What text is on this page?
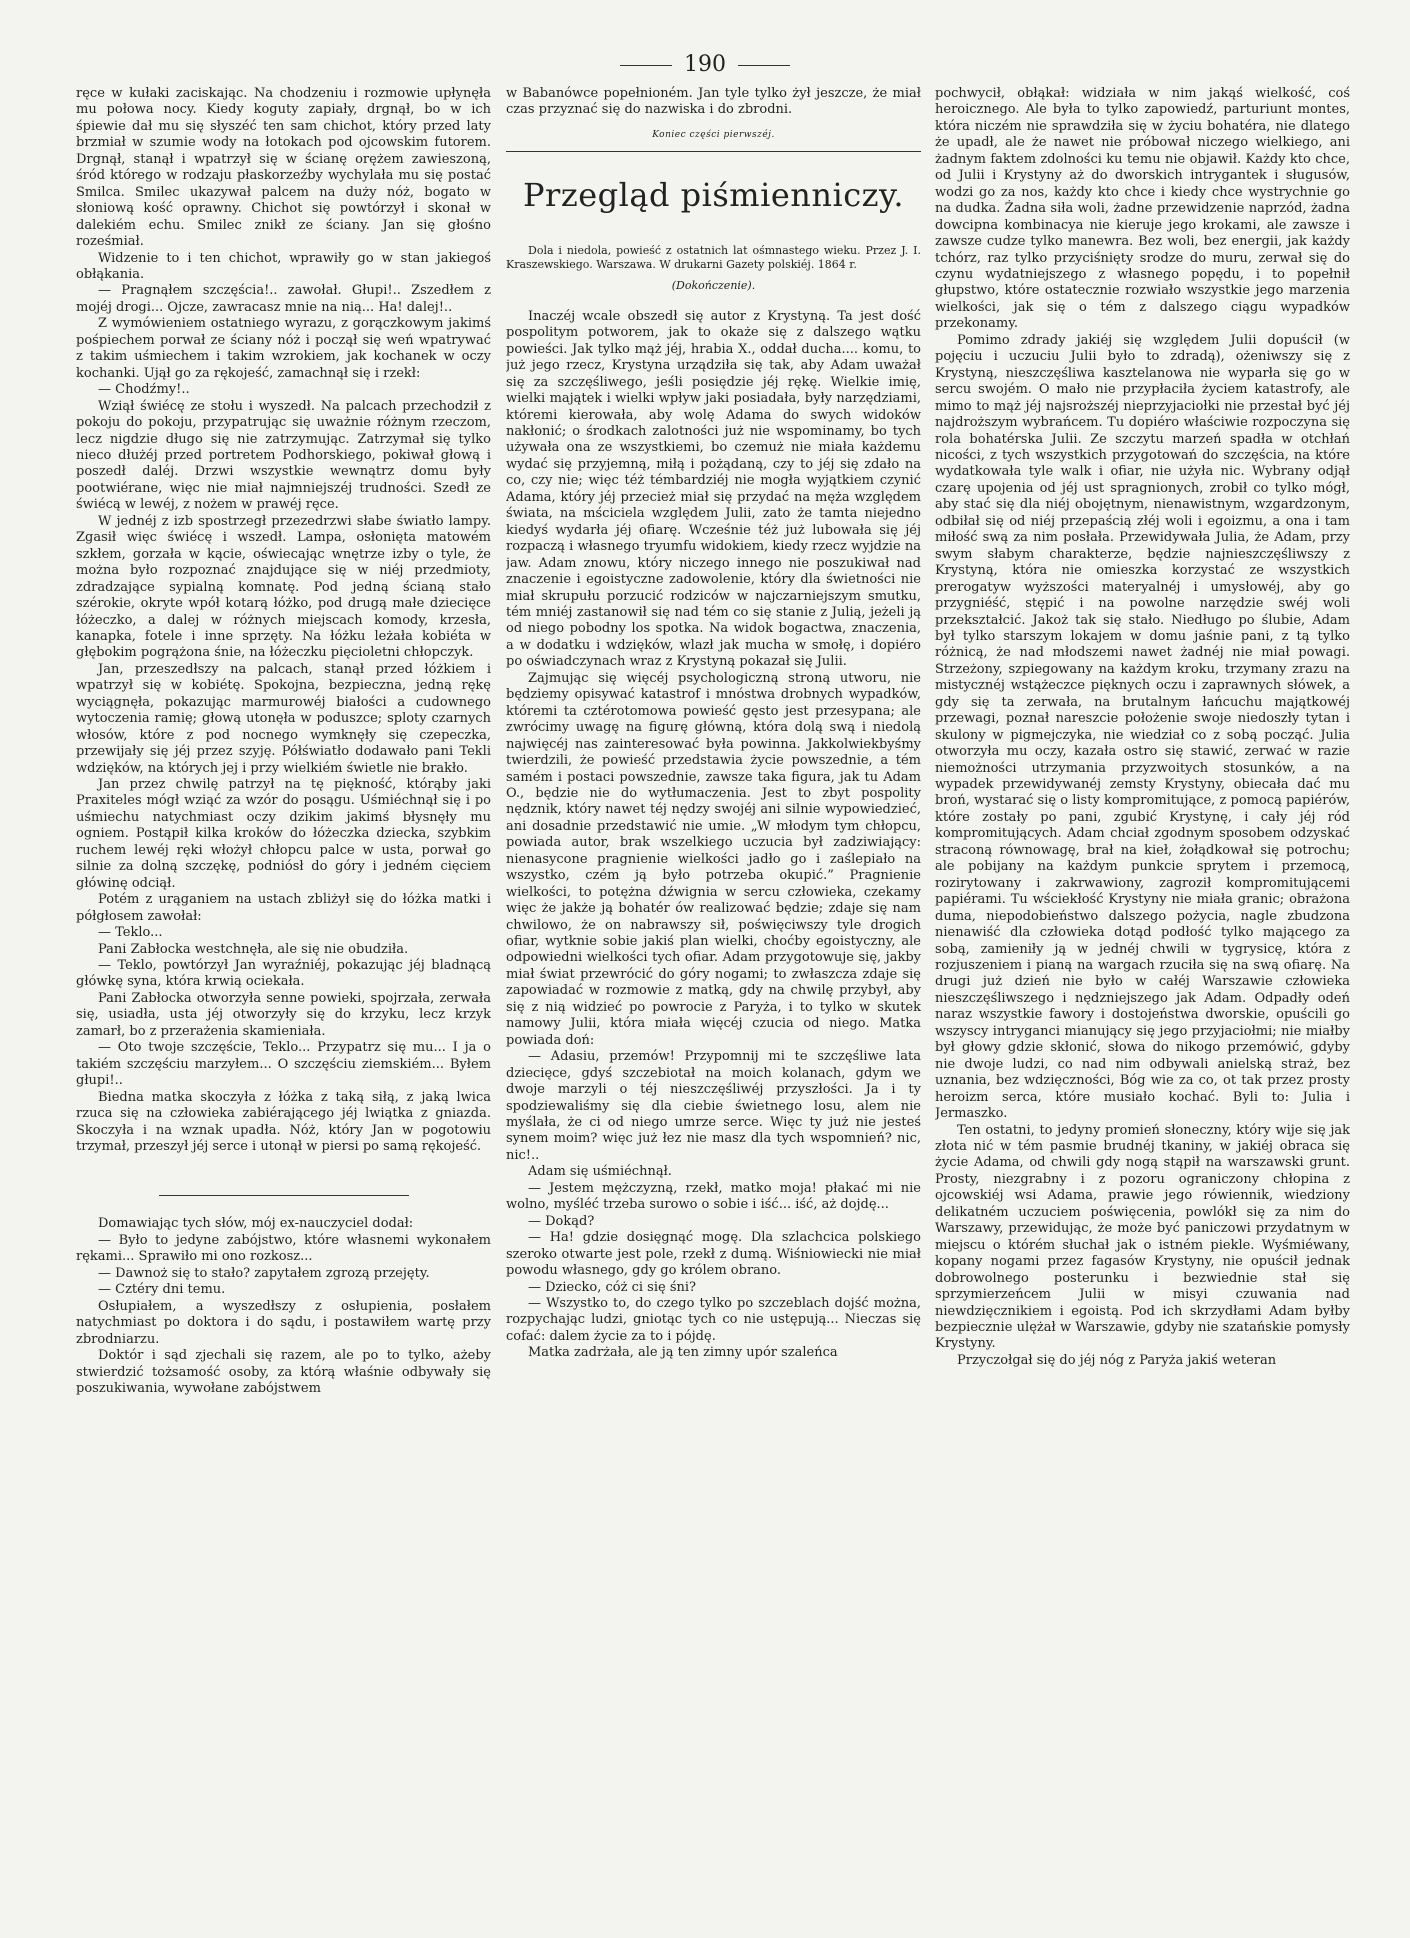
190

ręce w kułaki zaciskając. Na chodzeniu i rozmowie upłynęła mu połowa nocy. Kiedy koguty zapiały, drgnął, bo w ich śpiewie dał mu się słyszéć ten sam chichot, który przed laty brzmiał w szumie wody na łotokach pod ojcowskim futorem. Drgnął, stanął i wpatrzył się w ścianę orężem zawieszoną, śród którego w rodzaju płaskorzeźby wychylała mu się postać Smilca. Smilec ukazywał palcem na duży nóż, bogato w słoniową kość oprawny. Chichot się powtórzył i skonał w dalekiém echu. Smilec znikł ze ściany. Jan się głośno roześmiał.

Widzenie to i ten chichot, wprawiły go w stan jakiegoś obłąkania.

— Pragnąłem szczęścia!.. zawołał. Głupi!.. Zszedłem z mojéj drogi... Ojcze, zawracasz mnie na nią... Ha! dalej!..

Z wymówieniem ostatniego wyrazu, z gorączkowym jakimś pośpiechem porwał ze ściany nóż i począł się weń wpatrywać z takim uśmiechem i takim wzrokiem, jak kochanek w oczy kochanki. Ujął go za rękojeść, zamachnął się i rzekł:

— Chodźmy!..

Wziął świécę ze stołu i wyszedł. Na palcach przechodził z pokoju do pokoju, przypatrując się uważnie różnym rzeczom, lecz nigdzie długo się nie zatrzymując. Zatrzymał się tylko nieco dłużéj przed portretem Podhorskiego, pokiwał głową i poszedł daléj. Drzwi wszystkie wewnątrz domu były pootwiérane, więc nie miał najmniejszéj trudności. Szedł ze świécą w lewéj, z nożem w prawéj ręce.

W jednéj z izb spostrzegł przezedrzwi słabe światło lampy. Zgasił więc świécę i wszedł. Lampa, osłonięta matowém szkłem, gorzała w kącie, oświecając wnętrze izby o tyle, że można było rozpoznać znajdujące się w niéj przedmioty, zdradzające sypialną komnatę. Pod jedną ścianą stało szérokie, okryte wpół kotarą łóżko, pod drugą małe dziecięce łóżeczko, a dalej w różnych miejscach komody, krzesła, kanapka, fotele i inne sprzęty. Na łóżku leżała kobiéta w głębokim pogrążona śnie, na łóżeczku pięcioletni chłopczyk.

Jan, przeszedłszy na palcach, stanął przed łóżkiem i wpatrzył się w kobiétę. Spokojna, bezpieczna, jedną rękę wyciągnęła, pokazując marmurowéj białości a cudownego wytoczenia ramię; głową utonęła w poduszce; sploty czarnych włosów, które z pod nocnego wymknęły się czepeczka, przewijały się jéj przez szyję. Półświatło dodawało pani Tekli wdzięków, na których jej i przy wielkiém świetle nie brakło.

Jan przez chwilę patrzył na tę piękność, którąby jaki Praxiteles mógł wziąć za wzór do posągu. Uśmiéchnął się i po uśmiechu natychmiast oczy dzikim jakimś błysnęły mu ogniem. Postąpił kilka kroków do łóżeczka dziecka, szybkim ruchem lewéj ręki włożył chłopcu palce w usta, porwał go silnie za dolną szczękę, podniósł do góry i jedném cięciem główinę odciął.

Potém z urąganiem na ustach zbliżył się do łóżka matki i półgłosem zawołał:

— Teklo...

Pani Zabłocka westchnęła, ale się nie obudziła.

— Teklo, powtórzył Jan wyraźniéj, pokazując jéj bladnącą główkę syna, która krwią ociekała.

Pani Zabłocka otworzyła senne powieki, spojrzała, zerwała się, usiadła, usta jéj otworzyły się do krzyku, lecz krzyk zamarł, bo z przerażenia skamieniała.

— Oto twoje szczęście, Teklo... Przypatrz się mu... I ja o takiém szczęściu marzyłem... O szczęściu ziemskiém... Byłem głupi!..

Biedna matka skoczyła z łóżka z taką siłą, z jaką lwica rzuca się na człowieka zabiérającego jéj lwiątka z gniazda. Skoczyła i na wznak upadła. Nóż, który Jan w pogotowiu trzymał, przeszył jéj serce i utonął w piersi po samą rękojeść.

Domawiając tych słów, mój ex-nauczyciel dodał:

— Było to jedyne zabójstwo, które własnemi wykonałem rękami... Sprawiło mi ono rozkosz...

— Dawnoż się to stało? zapytałem zgrozą przejęty.

— Cztéry dni temu.

Osłupiałem, a wyszedłszy z osłupienia, posłałem natychmiast po doktora i do sądu, i postawiłem wartę przy zbrodniarzu.

Doktór i sąd zjechali się razem, ale po to tylko, ażeby stwierdzić tożsamość osoby, za którą właśnie odbywały się poszukiwania, wywołane zabójstwem

w Babanówce popełnioném. Jan tyle tylko żył jeszcze, że miał czas przyznać się do nazwiska i do zbrodni.

Koniec części pierwszéj.
Przegląd piśmienniczy.

Dola i niedola, powieść z ostatnich lat ośmnastego wieku. Przez J. I. Kraszewskiego. Warszawa. W drukarni Gazety polskiéj. 1864 r.

(Dokończenie).

Inaczéj wcale obszedł się autor z Krystyną. Ta jest dość pospolitym potworem, jak to okaże się z dalszego wątku powieści. Jak tylko mąż jéj, hrabia X., oddał ducha.... komu, to już jego rzecz, Krystyna urządziła się tak, aby Adam uważał się za szczęśliwego, jeśli posiędzie jéj rękę. Wielkie imię, wielki majątek i wielki wpływ jaki posiadała, były narzędziami, któremi kierowała, aby wolę Adama do swych widoków nakłonić; o środkach zalotności już nie wspominamy, bo tych używała ona ze wszystkiemi, bo czemuż nie miała każdemu wydać się przyjemną, miłą i pożądaną, czy to jéj się zdało na co, czy nie; więc téż témbardziéj nie mogła wyjątkiem czynić Adama, który jéj przecież miał się przydać na męża względem świata, na mściciela względem Julii, zato że tamta niejedno kiedyś wydarła jéj ofiarę. Wcześnie téż już lubowała się jéj rozpaczą i własnego tryumfu widokiem, kiedy rzecz wyjdzie na jaw. Adam znowu, który niczego innego nie poszukiwał nad znaczenie i egoistyczne zadowolenie, który dla świetności nie miał skrupułu porzucić rodziców w najczarniejszym smutku, tém mniéj zastanowił się nad tém co się stanie z Julią, jeżeli ją od niego pobodny los spotka. Na widok bogactwa, znaczenia, a w dodatku i wdzięków, wlazł jak mucha w smołę, i dopiéro po oświadczynach wraz z Krystyną pokazał się Julii.

Zajmując się więcéj psychologiczną stroną utworu, nie będziemy opisywać katastrof i mnóstwa drobnych wypadków, któremi ta cztérotomowa powieść gęsto jest przesypana; ale zwrócimy uwagę na figurę główną, która dolą swą i niedolą najwięcéj nas zainteresować była powinna. Jakkolwiekbyśmy twierdzili, że powieść przedstawia życie powszednie, a tém samém i postaci powszednie, zawsze taka figura, jak tu Adam O., będzie nie do wytłumaczenia. Jest to zbyt pospolity nędznik, który nawet téj nędzy swojéj ani silnie wypowiedzieć, ani dosadnie przedstawić nie umie. „W młodym tym chłopcu, powiada autor, brak wszelkiego uczucia był zadziwiający: nienasycone pragnienie wielkości jadło go i zaślepiało na wszystko, czém ją było potrzeba okupić.” Pragnienie wielkości, to potężna dźwignia w sercu człowieka, czekamy więc że jakże ją bohatér ów realizować będzie; zdaje się nam chwilowo, że on nabrawszy sił, poświęciwszy tyle drogich ofiar, wytknie sobie jakiś plan wielki, choćby egoistyczny, ale odpowiedni wielkości tych ofiar. Adam przygotowuje się, jakby miał świat przewrócić do góry nogami; to zwłaszcza zdaje się zapowiadać w rozmowie z matką, gdy na chwilę przybył, aby się z nią widzieć po powrocie z Paryża, i to tylko w skutek namowy Julii, która miała więcéj czucia od niego. Matka powiada doń:

— Adasiu, przemów! Przypomnij mi te szczęśliwe lata dziecięce, gdyś szczebiotał na moich kolanach, gdym we dwoje marzyli o téj nieszczęśliwéj przyszłości. Ja i ty spodziewaliśmy się dla ciebie świetnego losu, alem nie myślała, że ci od niego umrze serce. Więc ty już nie jesteś synem moim? więc już łez nie masz dla tych wspomnień? nic, nic!..

Adam się uśmiéchnął.

— Jestem mężczyzną, rzekł, matko moja! płakać mi nie wolno, myśléć trzeba surowo o sobie i iść... iść, aż dojdę...

— Dokąd?

— Ha! gdzie dosięgnąć mogę. Dla szlachcica polskiego szeroko otwarte jest pole, rzekł z dumą. Wiśniowiecki nie miał powodu własnego, gdy go królem obrano.

— Dziecko, cóż ci się śni?

— Wszystko to, do czego tylko po szczeblach dojść można, rozpychając ludzi, gniotąc tych co nie ustępują... Nieczas się cofać: dalem życie za to i pójdę.

Matka zadrżała, ale ją ten zimny upór szaleńca

pochwycił, obłąkał: widziała w nim jakąś wielkość, coś heroicznego. Ale była to tylko zapowiedź, parturiunt montes, która niczém nie sprawdziła się w życiu bohatéra, nie dlatego że upadł, ale że nawet nie próbował niczego wielkiego, ani żadnym faktem zdolności ku temu nie objawił. Każdy kto chce, od Julii i Krystyny aż do dworskich intrygantek i sługusów, wodzi go za nos, każdy kto chce i kiedy chce wystrychnie go na dudka. Żadna siła woli, żadne przewidzenie naprzód, żadna dowcipna kombinacya nie kieruje jego krokami, ale zawsze i zawsze cudze tylko manewra. Bez woli, bez energii, jak każdy tchórz, raz tylko przyciśnięty srodze do muru, zerwał się do czynu wydatniejszego z własnego popędu, i to popełnił głupstwo, które ostatecznie rozwiało wszystkie jego marzenia wielkości, jak się o tém z dalszego ciągu wypadków przekonamy.

Pomimo zdrady jakiéj się względem Julii dopuścił (w pojęciu i uczuciu Julii było to zdradą), ożeniwszy się z Krystyną, nieszczęśliwa kasztelanowa nie wyparła się go w sercu swojém. O mało nie przypłaciła życiem katastrofy, ale mimo to mąż jéj najsroższéj nieprzyjaciołki nie przestał być jéj najdroższym wybrańcem. Tu dopiéro właściwie rozpoczyna się rola bohatérska Julii. Ze szczytu marzeń spadła w otchłań nicości, z tych wszystkich przygotowań do szczęścia, na które wydatkowała tyle walk i ofiar, nie użyła nic. Wybrany odjął czarę upojenia od jéj ust spragnionych, zrobił co tylko mógł, aby stać się dla niéj obojętnym, nienawistnym, wzgardzonym, odbiłał się od niéj przepaścią złéj woli i egoizmu, a ona i tam miłość swą za nim posłała. Przewidywała Julia, że Adam, przy swym słabym charakterze, będzie najnieszczęśliwszy z Krystyną, która nie omieszka korzystać ze wszystkich prerogatyw wyższości materyalnéj i umysłowéj, aby go przygniéść, stępić i na powolne narzędzie swéj woli przekształcić. Jakoż tak się stało. Niedługo po ślubie, Adam był tylko starszym lokajem w domu jaśnie pani, z tą tylko różnicą, że nad młodszemi nawet żadnéj nie miał powagi. Strzeżony, szpiegowany na każdym kroku, trzymany zrazu na mistycznéj wstążeczce pięknych oczu i zaprawnych słówek, a gdy się ta zerwała, na brutalnym łańcuchu majątkowéj przewagi, poznał nareszcie położenie swoje niedoszły tytan i skulony w pigmejczyka, nie wiedział co z sobą począć. Julia otworzyła mu oczy, kazała ostro się stawić, zerwać w razie niemożności utrzymania przyzwoitych stosunków, a na wypadek przewidywanéj zemsty Krystyny, obiecała dać mu broń, wystarać się o listy kompromitujące, z pomocą papiérów, które zostały po pani, zgubić Krystynę, i cały jéj ród kompromitujących. Adam chciał zgodnym sposobem odzyskać straconą równowagę, brał na kieł, żołądkował się potrochu; ale pobijany na każdym punkcie sprytem i przemocą, rozirytowany i zakrwawiony, zagroził kompromitującemi papiérami. Tu wściekłość Krystyny nie miała granic; obrażona duma, niepodobieństwo dalszego pożycia, nagle zbudzona nienawiść dla człowieka dotąd podłość tylko mającego za sobą, zamieniły ją w jednéj chwili w tygrysicę, która z rozjuszeniem i pianą na wargach rzuciła się na swą ofiarę. Na drugi już dzień nie było w całéj Warszawie człowieka nieszczęśliwszego i nędzniejszego jak Adam. Odpadły odeń naraz wszystkie fawory i dostojeństwa dworskie, opuścili go wszyscy intryganci mianujący się jego przyjaciołmi; nie miałby był głowy gdzie skłonić, słowa do nikogo przemówić, gdyby nie dwoje ludzi, co nad nim odbywali anielską straż, bez uznania, bez wdzięczności, Bóg wie za co, ot tak przez prosty heroizm serca, które musiało kochać. Byli to: Julia i Jermaszko.

Ten ostatni, to jedyny promień słoneczny, który wije się jak złota nić w tém pasmie brudnéj tkaniny, w jakiéj obraca się życie Adama, od chwili gdy nogą stąpił na warszawski grunt. Prosty, niezgrabny i z pozoru ograniczony chłopina z ojcowskiéj wsi Adama, prawie jego rówiennik, wiedziony delikatném uczuciem poświęcenia, powlókł się za nim do Warszawy, przewidując, że może być paniczowi przydatnym w miejscu o którém słuchał jak o istném piekle. Wyśmiéwany, kopany nogami przez fagasów Krystyny, nie opuścił jednak dobrowolnego posterunku i bezwiednie stał się sprzymierzeńcem Julii w misyi czuwania nad niewdzięcznikiem i egoistą. Pod ich skrzydłami Adam byłby bezpiecznie ulężał w Warszawie, gdyby nie szatańskie pomysły Krystyny.

Przyczołgał się do jéj nóg z Paryża jakiś weteran
